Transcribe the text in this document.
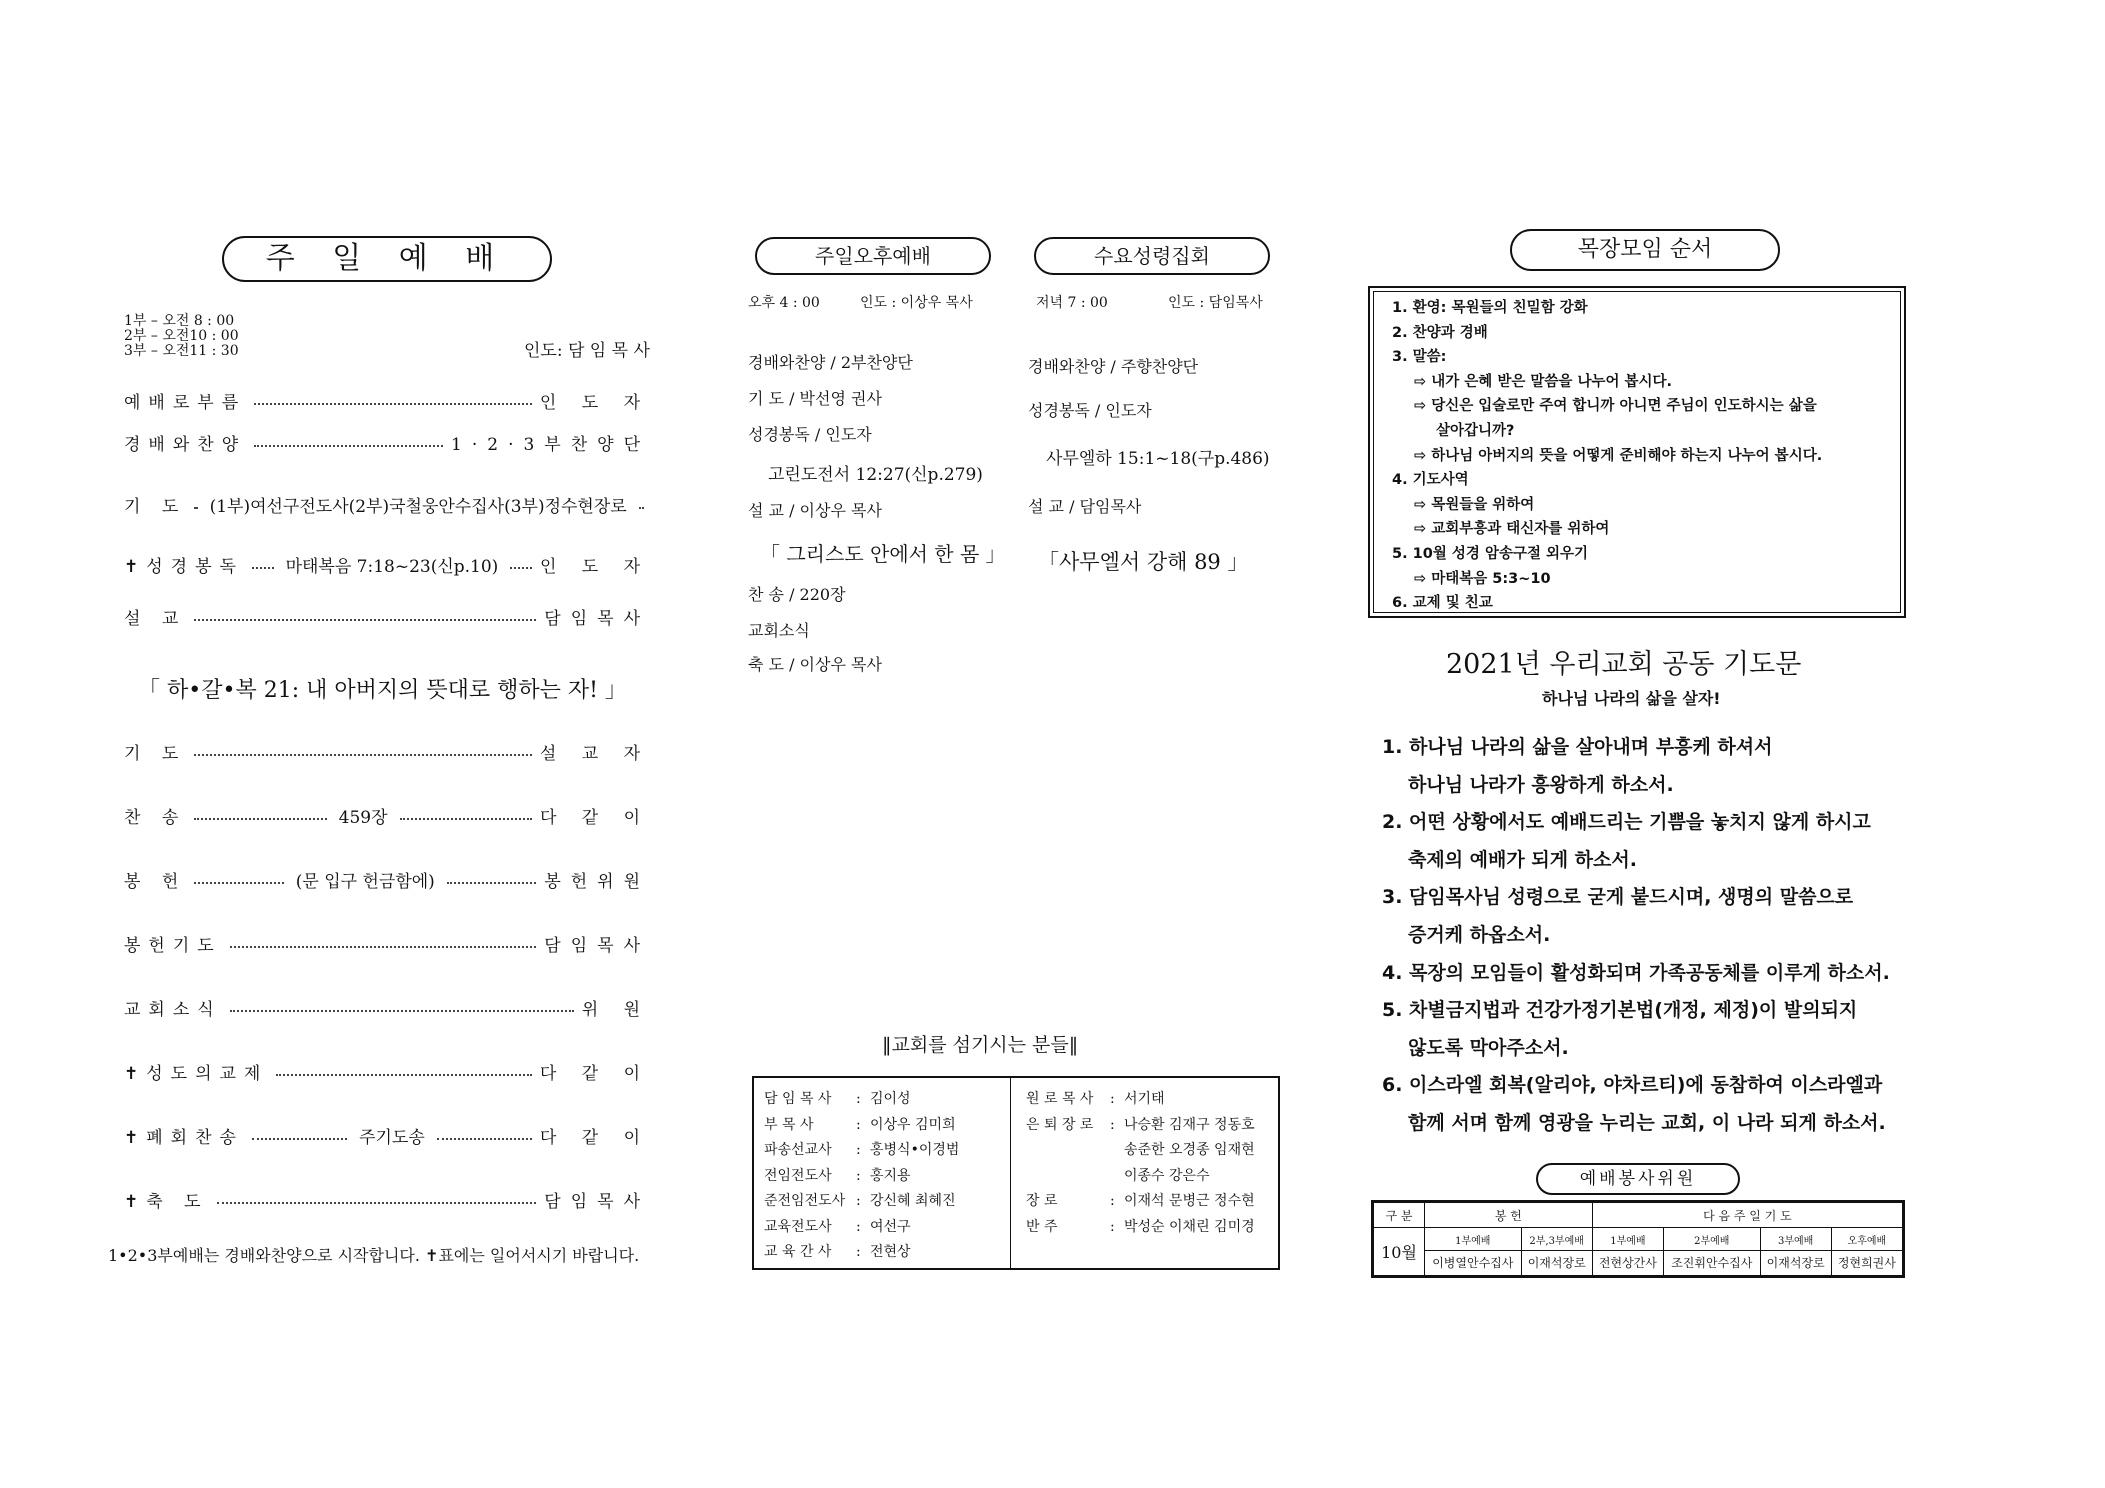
주 일 예 배
1부 – 오전 8 : 00
2부 – 오전10 : 00
3부 – 오전11 : 30	인도: 담 임 목 사
예배로부름	인 도 자
경배와찬양	1·2·3부찬양단
기 도 (1부)여선구전도사(2부)국철웅안수집사(3부)정수현장로
✝성경봉독 마태복음 7:18~23(신p.10) 인 도 자
설 교	담임목사
「 하•갈•복 21: 내 아버지의 뜻대로 행하는 자! 」
기 도	설 교 자
찬 송	459장	다 같 이
봉 헌	(문 입구 헌금함에)	봉헌위원
봉헌기도	담임목사
교회소식	위 원
✝성도의교제	다 같 이
✝폐회찬송	주기도송	다 같 이
✝축 도	담임목사
1•2•3부예배는 경배와찬양으로 시작합니다. ✝표에는 일어서시기 바랍니다.
주일오후예배	수요성령집회
오후 4 : 00	인도 : 이상우 목사	저녁 7 : 00	인도 : 담임목사
경배와찬양 / 2부찬양단
기 도 / 박선영 권사
성경봉독 / 인도자
고린도전서 12:27(신p.279)
설 교 / 이상우 목사
「 그리스도 안에서 한 몸 」
찬 송 / 220장
교회소식
축 도 / 이상우 목사
경배와찬양 / 주향찬양단
성경봉독 / 인도자
사무엘하 15:1~18(구p.486)
설 교 / 담임목사
「사무엘서 강해 89 」
‖교회를 섬기시는 분들‖
담 임 목 사 : 김이성
부 목 사	: 이상우 김미희
파송선교사 : 홍병식•이경범
전임전도사 : 홍지용
준전임전도사 : 강신혜 최혜진
교육전도사 : 여선구
교 육 간 사 : 전현상
원 로 목 사 : 서기태
은 퇴 장 로 : 나승환 김재구 정동호
송준한 오경종 임재현
이종수 강은수
장 로	: 이재석 문병근 정수현
반 주	: 박성순 이채린 김미경
목장모임 순서
1. 환영: 목원들의 친밀함 강화
2. 찬양과 경배
3. 말씀:
⇨ 내가 은혜 받은 말씀을 나누어 봅시다.
⇨ 당신은 입술로만 주여 합니까 아니면 주님이 인도하시는 삶을
살아갑니까?
⇨ 하나님 아버지의 뜻을 어떻게 준비해야 하는지 나누어 봅시다.
4. 기도사역
⇨ 목원들을 위하여
⇨ 교회부흥과 태신자를 위하여
5. 10월 성경 암송구절 외우기
⇨ 마태복음 5:3~10
6. 교제 및 친교
2021년 우리교회 공동 기도문
하나님 나라의 삶을 살자!
1. 하나님 나라의 삶을 살아내며 부흥케 하셔서
하나님 나라가 흥왕하게 하소서.
2. 어떤 상황에서도 예배드리는 기쁨을 놓치지 않게 하시고
축제의 예배가 되게 하소서.
3. 담임목사님 성령으로 굳게 붙드시며, 생명의 말씀으로
증거케 하옵소서.
4. 목장의 모임들이 활성화되며 가족공동체를 이루게 하소서.
5. 차별금지법과 건강가정기본법(개정, 제정)이 발의되지
않도록 막아주소서.
6. 이스라엘 회복(알리야, 야차르티)에 동참하여 이스라엘과
함께 서며 함께 영광을 누리는 교회, 이 나라 되게 하소서.
예배봉사위원
구 분	봉 헌		다 음 주 일 기 도			
10월	1부예배	2부,3부예배	1부예배	2부예배	3부예배	오후예배
	이병열안수집사	이재석장로	전현상간사	조진휘안수집사	이재석장로	정현희권사
